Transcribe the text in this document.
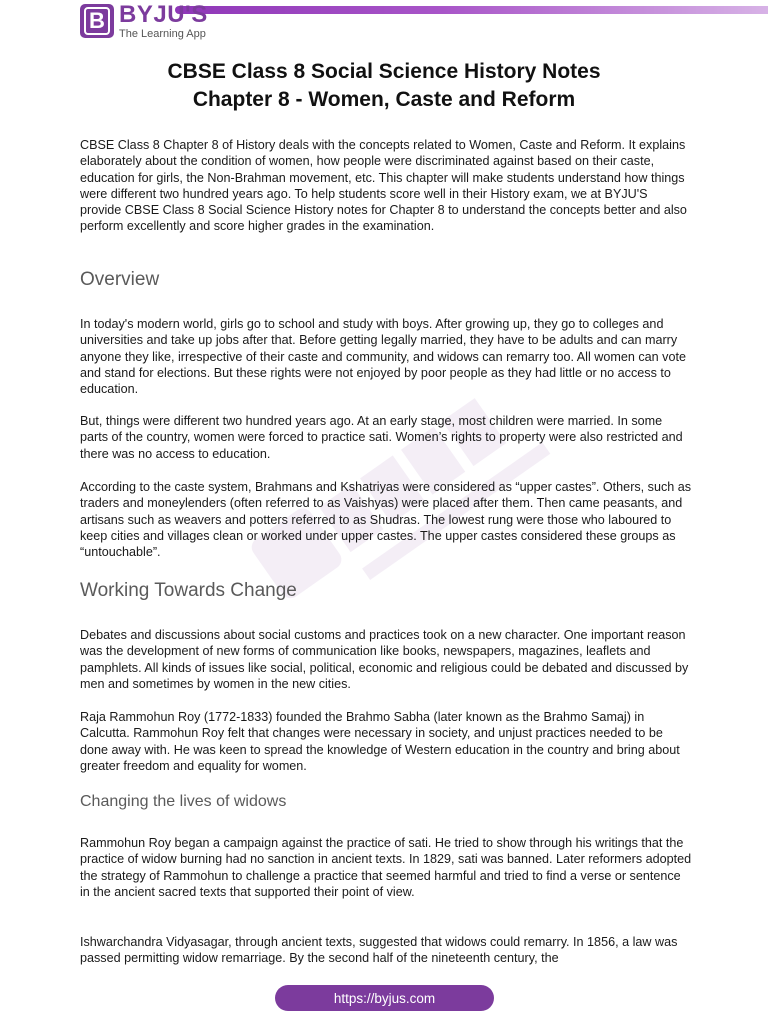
B BYJU'S
The Learning App
CBSE Class 8 Social Science History Notes
Chapter 8 - Women, Caste and Reform

CBSE Class 8 Chapter 8 of History deals with the concepts related to Women, Caste and Reform. It explains elaborately about the condition of women, how people were discriminated against based on their caste, education for girls, the Non-Brahman movement, etc. This chapter will make students understand how things were different two hundred years ago. To help students score well in their History exam, we at BYJU'S provide CBSE Class 8 Social Science History notes for Chapter 8 to understand the concepts better and also perform excellently and score higher grades in the examination.

Overview

In today's modern world, girls go to school and study with boys. After growing up, they go to colleges and universities and take up jobs after that. Before getting legally married, they have to be adults and can marry anyone they like, irrespective of their caste and community, and widows can remarry too. All women can vote and stand for elections. But these rights were not enjoyed by poor people as they had little or no access to education.

But, things were different two hundred years ago. At an early stage, most children were married. In some parts of the country, women were forced to practice sati. Women’s rights to property were also restricted and there was no access to education.

According to the caste system, Brahmans and Kshatriyas were considered as “upper castes”. Others, such as traders and moneylenders (often referred to as Vaishyas) were placed after them. Then came peasants, and artisans such as weavers and potters referred to as Shudras. The lowest rung were those who laboured to keep cities and villages clean or worked under upper castes. The upper castes considered these groups as “untouchable”.

Working Towards Change

Debates and discussions about social customs and practices took on a new character. One important reason was the development of new forms of communication like books, newspapers, magazines, leaflets and pamphlets. All kinds of issues like social, political, economic and religious could be debated and discussed by men and sometimes by women in the new cities.

Raja Rammohun Roy (1772-1833) founded the Brahmo Sabha (later known as the Brahmo Samaj) in Calcutta. Rammohun Roy felt that changes were necessary in society, and unjust practices needed to be done away with. He was keen to spread the knowledge of Western education in the country and bring about greater freedom and equality for women.

Changing the lives of widows

Rammohun Roy began a campaign against the practice of sati. He tried to show through his writings that the practice of widow burning had no sanction in ancient texts. In 1829, sati was banned. Later reformers adopted the strategy of Rammohun to challenge a practice that seemed harmful and tried to find a verse or sentence in the ancient sacred texts that supported their point of view.

Ishwarchandra Vidyasagar, through ancient texts, suggested that widows could remarry. In 1856, a law was passed permitting widow remarriage. By the second half of the nineteenth century, the

https://byjus.com
